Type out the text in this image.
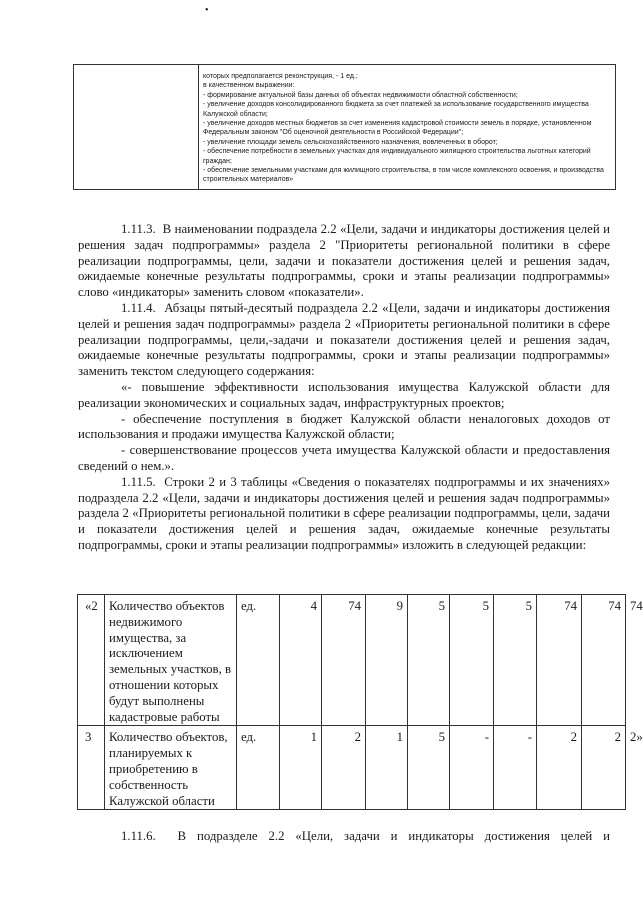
•
которых предполагается реконструкция, - 1 ед.;
в качественном выражении:
- формирование актуальной базы данных об объектах недвижимости областной собственности;
- увеличение доходов консолидированного бюджета за счет платежей за использование государственного имущества Калужской области;
- увеличение доходов местных бюджетов за счет изменения кадастровой стоимости земель в порядке, установленном Федеральным законом "Об оценочной деятельности в Российской Федерации";
- увеличение площади земель сельскохозяйственного назначения, вовлеченных в оборот;
- обеспечение потребности в земельных участках для индивидуального жилищного строительства льготных категорий граждан;
- обеспечение земельными участками для жилищного строительства, в том числе комплексного освоения, и производства строительных материалов»

1.11.3.  В наименовании подраздела 2.2 «Цели, задачи и индикаторы достижения целей и решения задач подпрограммы» раздела 2 "Приоритеты региональной политики в сфере реализации подпрограммы, цели, задачи и показатели достижения целей и решения задач, ожидаемые конечные результаты подпрограммы, сроки и этапы реализации подпрограммы» слово «индикаторы» заменить словом «показатели».

1.11.4.  Абзацы пятый-десятый подраздела 2.2 «Цели, задачи и индикаторы достижения целей и решения задач подпрограммы» раздела 2 «Приоритеты региональной политики в сфере реализации подпрограммы, цели,-задачи и показатели достижения целей и решения задач, ожидаемые конечные результаты подпрограммы, сроки и этапы реализации подпрограммы» заменить текстом следующего содержания:

«- повышение эффективности использования имущества Калужской области для реализации экономических и социальных задач, инфраструктурных проектов;

- обеспечение поступления в бюджет Калужской области неналоговых доходов от использования и продажи имущества Калужской области;

- совершенствование процессов учета имущества Калужской области и предоставления сведений о нем.».

1.11.5.  Строки 2 и 3 таблицы «Сведения о показателях подпрограммы и их значениях» подраздела 2.2 «Цели, задачи и индикаторы достижения целей и решения задач подпрограммы» раздела 2 «Приоритеты региональной политики в сфере реализации подпрограммы, цели, задачи и показатели достижения целей и решения задач, ожидаемые конечные результаты подпрограммы, сроки и этапы реализации подпрограммы» изложить в следующей редакции:

«2	Количество объектов недвижимого имущества, за исключением земельных участков, в отношении которых будут выполнены кадастровые работы	ед.	4	74	9	5	5	5	74	74	74
3	Количество объектов, планируемых к приобретению в собственность Калужской области	ед.	1	2	1	5	-	-	2	2	2»
1.11.6.  В подразделе 2.2 «Цели, задачи и индикаторы достижения целей и
